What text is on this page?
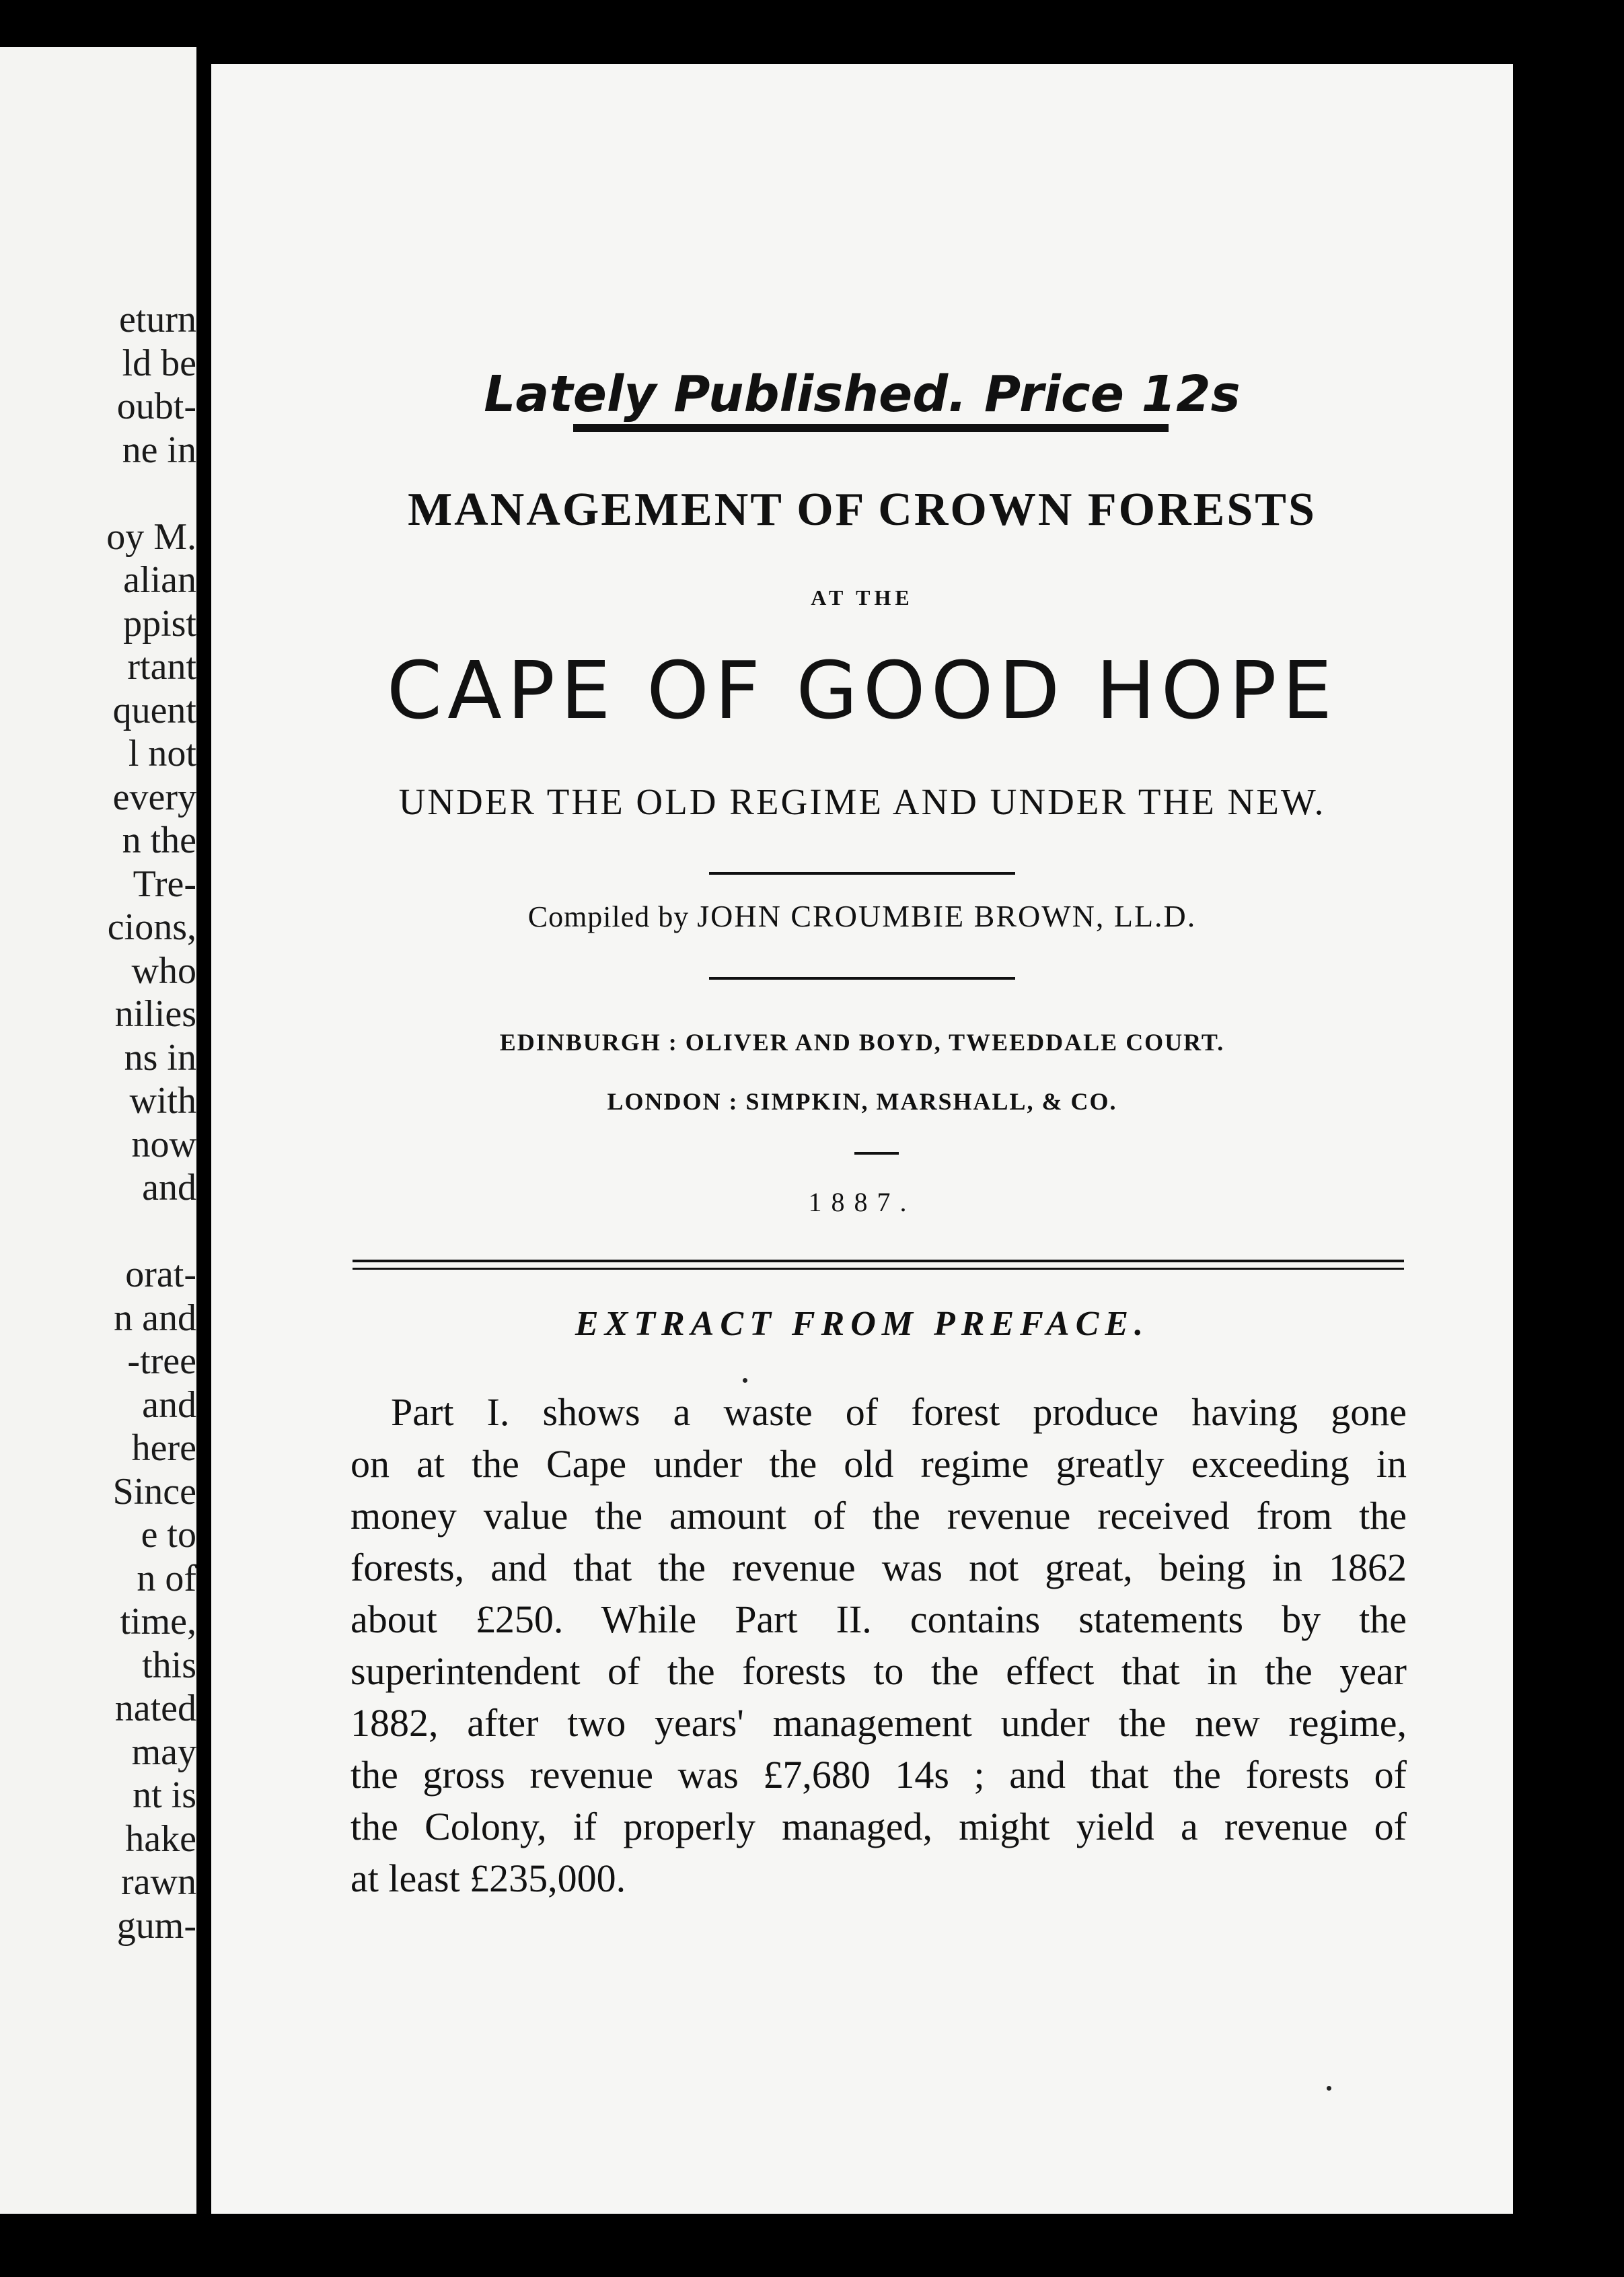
eturn
ld be
oubt-
ne in
oy M.
alian
ppist
rtant
quent
l not
every
n the
Tre-
cions,
who
nilies
ns in
with
now
and
orat-
n and
-tree
and
here
Since
e to
n of
time,
this
nated
may
nt is
hake
rawn
gum-
Lately Published. Price 12s
MANAGEMENT OF CROWN FORESTS
AT THE
CAPE OF GOOD HOPE
UNDER THE OLD REGIME AND UNDER THE NEW.
Compiled by JOHN CROUMBIE BROWN, LL.D.
EDINBURGH : OLIVER AND BOYD, TWEEDDALE COURT.
LONDON : SIMPKIN, MARSHALL, & CO.
1887.
EXTRACT FROM PREFACE.
Part I. shows a waste of forest produce having gone
on at the Cape under the old regime greatly exceeding in
money value the amount of the revenue received from the
forests, and that the revenue was not great, being in 1862
about £250. While Part II. contains statements by the
superintendent of the forests to the effect that in the year
1882, after two years' management under the new regime,
the gross revenue was £7,680 14s ; and that the forests of
the Colony, if properly managed, might yield a revenue of
at least £235,000.
